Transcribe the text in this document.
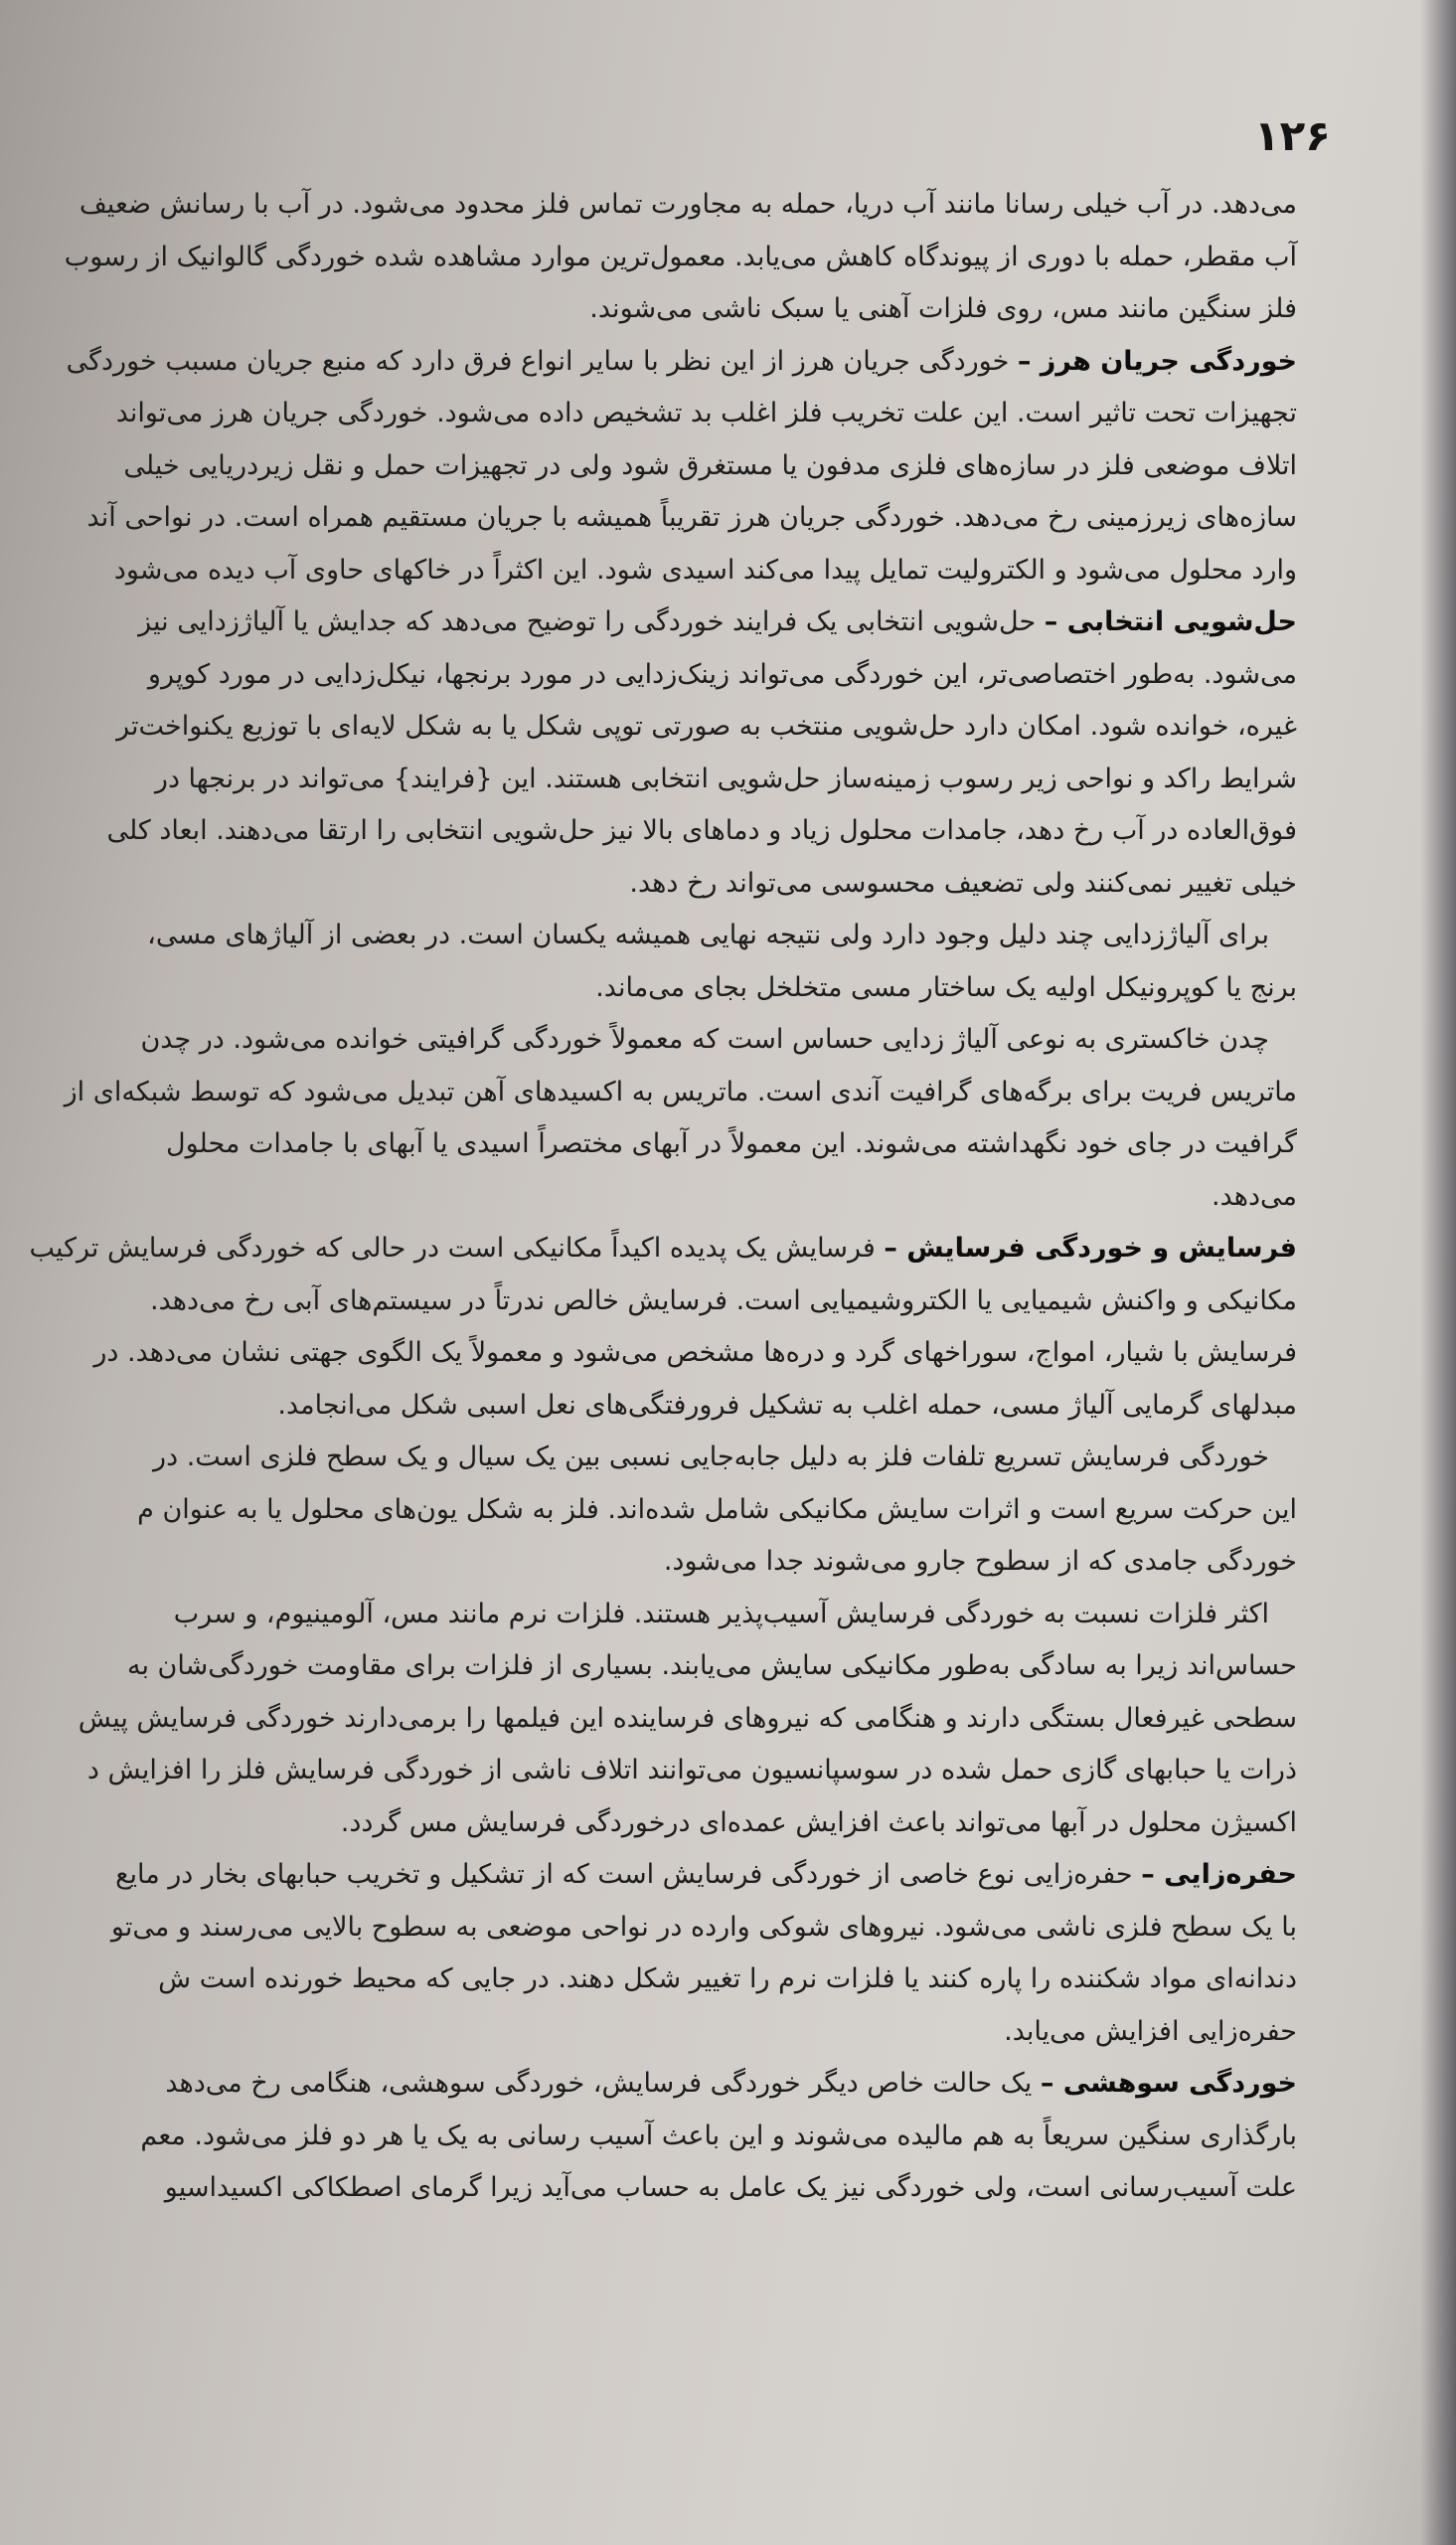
۱۲۶
می‌دهد. در آب خیلی رسانا مانند آب دریا، حمله به مجاورت تماس فلز محدود می‌شود. در آب با رسانش ضعیف
آب مقطر، حمله با دوری از پیوندگاه کاهش می‌یابد. معمول‌ترین موارد مشاهده شده خوردگی گالوانیک از رسوب
فلز سنگین مانند مس، روی فلزات آهنی یا سبک ناشی می‌شوند.
خوردگی جریان هرز – خوردگی جریان هرز از این نظر با سایر انواع فرق دارد که منبع جریان مسبب خوردگی
تجهیزات تحت تاثیر است. این علت تخریب فلز اغلب بد تشخیص داده می‌شود. خوردگی جریان هرز می‌تواند
اتلاف موضعی فلز در سازه‌های فلزی مدفون یا مستغرق شود ولی در تجهیزات حمل و نقل زیردریایی خیلی
سازه‌های زیرزمینی رخ می‌دهد. خوردگی جریان هرز تقریباً همیشه با جریان مستقیم همراه است. در نواحی آند
وارد محلول می‌شود و الکترولیت تمایل پیدا می‌کند اسیدی شود. این اکثراً در خاکهای حاوی آب دیده می‌شود
حل‌شویی انتخابی – حل‌شویی انتخابی یک فرایند خوردگی را توضیح می‌دهد که جدایش یا آلیاژزدایی نیز
می‌شود. به‌طور اختصاصی‌تر، این خوردگی می‌تواند زینک‌زدایی در مورد برنجها، نیکل‌زدایی در مورد کوپرو
غیره، خوانده شود. امکان دارد حل‌شویی منتخب به صورتی توپی شکل یا به شکل لایه‌ای با توزیع یکنواخت‌تر
شرایط راکد و نواحی زیر رسوب زمینه‌ساز حل‌شویی انتخابی هستند. این {فرایند} می‌تواند در برنجها در
فوق‌العاده در آب رخ دهد، جامدات محلول زیاد و دماهای بالا نیز حل‌شویی انتخابی را ارتقا می‌دهند. ابعاد کلی
خیلی تغییر نمی‌کنند ولی تضعیف محسوسی می‌تواند رخ دهد.
برای آلیاژزدایی چند دلیل وجود دارد ولی نتیجه نهایی همیشه یکسان است. در بعضی از آلیاژهای مسی،
برنج یا کوپرونیکل اولیه یک ساختار مسی متخلخل بجای می‌ماند.
چدن خاکستری به نوعی آلیاژ زدایی حساس است که معمولاً خوردگی گرافیتی خوانده می‌شود. در چدن
ماتریس فریت برای برگه‌های گرافیت آندی است. ماتریس به اکسیدهای آهن تبدیل می‌شود که توسط شبکه‌ای از
گرافیت در جای خود نگهداشته می‌شوند. این معمولاً در آبهای مختصراً اسیدی یا آبهای با جامدات محلول
می‌دهد.
فرسایش و خوردگی فرسایش – فرسایش یک پدیده اکیداً مکانیکی است در حالی که خوردگی فرسایش ترکیب
مکانیکی و واکنش شیمیایی یا الکتروشیمیایی است. فرسایش خالص ندرتاً در سیستم‌های آبی رخ می‌دهد.
فرسایش با شیار، امواج، سوراخهای گرد و دره‌ها مشخص می‌شود و معمولاً یک الگوی جهتی نشان می‌دهد. در
مبدلهای گرمایی آلیاژ مسی، حمله اغلب به تشکیل فرورفتگی‌های نعل اسبی شکل می‌انجامد.
خوردگی فرسایش تسریع تلفات فلز به دلیل جابه‌جایی نسبی بین یک سیال و یک سطح فلزی است. در
این حرکت سریع است و اثرات سایش مکانیکی شامل شده‌اند. فلز به شکل یون‌های محلول یا به عنوان م
خوردگی جامدی که از سطوح جارو می‌شوند جدا می‌شود.
اکثر فلزات نسبت به خوردگی فرسایش آسیب‌پذیر هستند. فلزات نرم مانند مس، آلومینیوم، و سرب
حساس‌اند زیرا به سادگی به‌طور مکانیکی سایش می‌یابند. بسیاری از فلزات برای مقاومت خوردگی‌شان به
سطحی غیرفعال بستگی دارند و هنگامی که نیروهای فرساینده این فیلمها را برمی‌دارند خوردگی فرسایش پیش
ذرات یا حبابهای گازی حمل شده در سوسپانسیون می‌توانند اتلاف ناشی از خوردگی فرسایش فلز را افزایش د
اکسیژن محلول در آبها می‌تواند باعث افزایش عمده‌ای درخوردگی فرسایش مس گردد.
حفره‌زایی – حفره‌زایی نوع خاصی از خوردگی فرسایش است که از تشکیل و تخریب حبابهای بخار در مایع
با یک سطح فلزی ناشی می‌شود. نیروهای شوکی وارده در نواحی موضعی به سطوح بالایی می‌رسند و می‌تو
دندانه‌ای مواد شکننده را پاره کنند یا فلزات نرم را تغییر شکل دهند. در جایی که محیط خورنده است ش
حفره‌زایی افزایش می‌یابد.
خوردگی سوهشی – یک حالت خاص دیگر خوردگی فرسایش، خوردگی سوهشی، هنگامی رخ می‌دهد
بارگذاری سنگین سریعاً به هم مالیده می‌شوند و این باعث آسیب رسانی به یک یا هر دو فلز می‌شود. معم
علت آسیب‌رسانی است، ولی خوردگی نیز یک عامل به حساب می‌آید زیرا گرمای اصطکاکی اکسیداسیو
